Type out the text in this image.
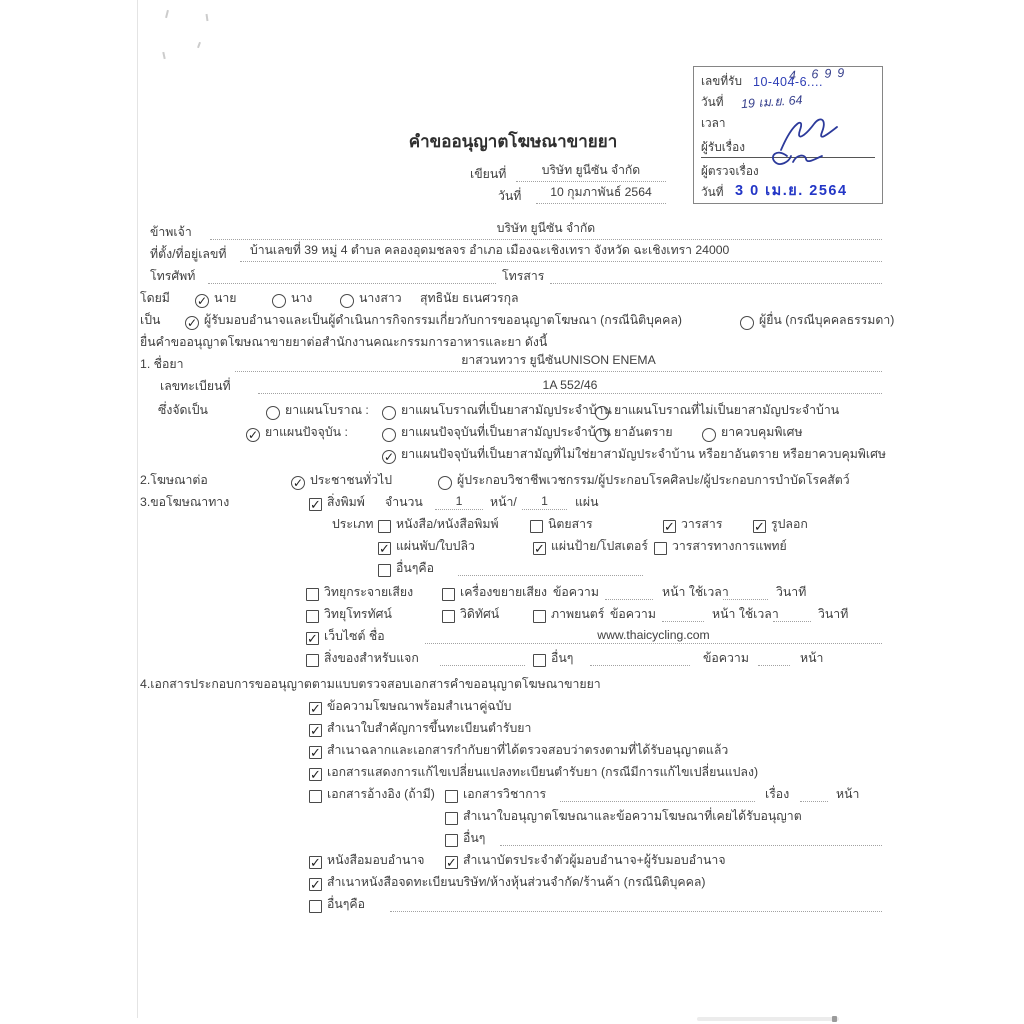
เลขที่รับ 10-404-6....
4 699
วันที่ 19 เม.ย. 64
เวลา
ผู้รับเรื่อง
ผู้ตรวจเรื่อง
วันที่ 3 0 เม.ย. 2564
คำขออนุญาตโฆษณาขายยา
เขียนที่	บริษัท ยูนีซัน จำกัด
วันที่	10 กุมภาพันธ์ 2564
ข้าพเจ้า	บริษัท ยูนีซัน จำกัด
ที่ตั้ง/ที่อยู่เลขที่	บ้านเลขที่ 39 หมู่ 4 ตำบล คลองอุดมชลจร อำเภอ เมืองฉะเชิงเทรา จังหวัด ฉะเชิงเทรา 24000
โทรศัพท์	โทรสาร
โดยมี ✓ นาย	นาง	นางสาว สุทธินัย ธเนศวรกุล
เป็น ✓ ผู้รับมอบอำนาจและเป็นผู้ดำเนินการกิจกรรมเกี่ยวกับการขออนุญาตโฆษณา (กรณีนิติบุคคล)	ผู้ยื่น (กรณีบุคคลธรรมดา)
ยื่นคำขออนุญาตโฆษณาขายยาต่อสำนักงานคณะกรรมการอาหารและยา ดังนี้
1. ชื่อยา	ยาสวนทวาร ยูนีซันUNISON ENEMA
เลขทะเบียนที่	1A 552/46
ซึ่งจัดเป็น	ยาแผนโบราณ :	ยาแผนโบราณที่เป็นยาสามัญประจำบ้าน ยาแผนโบราณที่ไม่เป็นยาสามัญประจำบ้าน
✓ ยาแผนปัจจุบัน :	ยาแผนปัจจุบันที่เป็นยาสามัญประจำบ้าน ยาอันตราย	ยาควบคุมพิเศษ
✓ ยาแผนปัจจุบันที่เป็นยาสามัญที่ไม่ใช่ยาสามัญประจำบ้าน หรือยาอันตราย หรือยาควบคุมพิเศษ
2.โฆษณาต่อ	✓ ประชาชนทั่วไป	ผู้ประกอบวิชาชีพเวชกรรม/ผู้ประกอบโรคศิลปะ/ผู้ประกอบการบำบัดโรคสัตว์
3.ขอโฆษณาทาง	✓ สิ่งพิมพ์ จำนวน	1	หน้า/	1	แผ่น
ประเภท หนังสือ/หนังสือพิมพ์	นิตยสาร	✓ วารสาร ✓ รูปลอก
✓ แผ่นพับ/ใบปลิว	✓ แผ่นป้าย/โปสเตอร์ วารสารทางการแพทย์
อื่นๆคือ
วิทยุกระจายเสียง	เครื่องขยายเสียง ข้อความ	หน้า ใช้เวลา	วินาที
วิทยุโทรทัศน์	วิดิทัศน์	ภาพยนตร์ ข้อความ	หน้า ใช้เวลา	วินาที
✓ เว็บไซต์ ชื่อ	www.thaicycling.com
สิ่งของสำหรับแจก	อื่นๆ	ข้อความ	หน้า
4.เอกสารประกอบการขออนุญาตตามแบบตรวจสอบเอกสารคำขออนุญาตโฆษณาขายยา
✓ ข้อความโฆษณาพร้อมสำเนาคู่ฉบับ
✓ สำเนาใบสำคัญการขึ้นทะเบียนตำรับยา
✓ สำเนาฉลากและเอกสารกำกับยาที่ได้ตรวจสอบว่าตรงตามที่ได้รับอนุญาตแล้ว
✓ เอกสารแสดงการแก้ไขเปลี่ยนแปลงทะเบียนตำรับยา (กรณีมีการแก้ไขเปลี่ยนแปลง)
เอกสารอ้างอิง (ถ้ามี) เอกสารวิชาการ	เรื่อง	หน้า
สำเนาใบอนุญาตโฆษณาและข้อความโฆษณาที่เคยได้รับอนุญาต
อื่นๆ
✓ หนังสือมอบอำนาจ ✓ สำเนาบัตรประจำตัวผู้มอบอำนาจ+ผู้รับมอบอำนาจ
✓ สำเนาหนังสือจดทะเบียนบริษัท/ห้างหุ้นส่วนจำกัด/ร้านค้า (กรณีนิติบุคคล)
อื่นๆคือ
